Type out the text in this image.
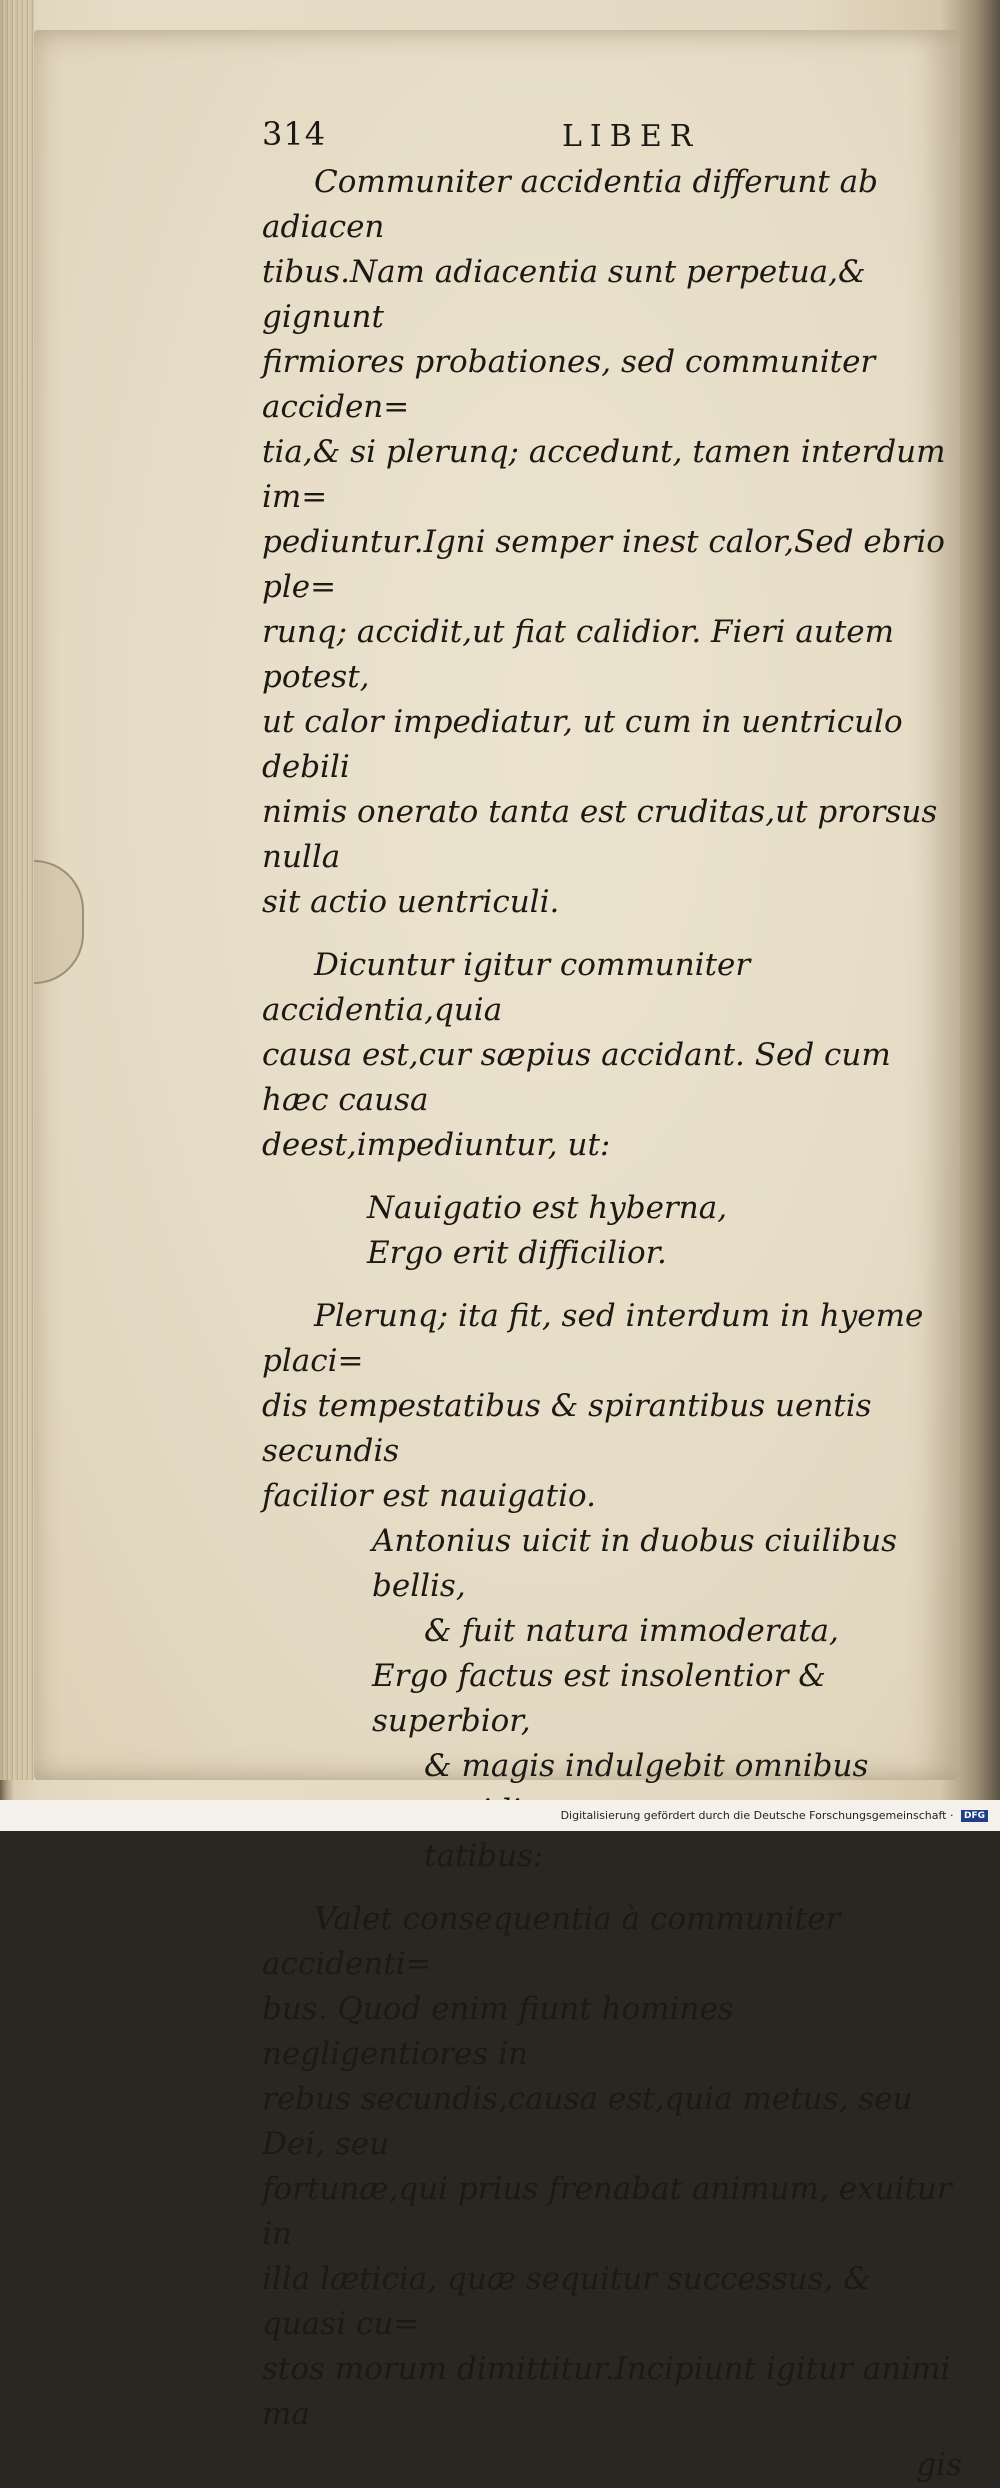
314	LIBER

Communiter accidentia differunt ab adiacen

tibus.Nam adiacentia sunt perpetua,& gignunt

firmiores probationes, sed communiter acciden=

tia,& si plerunq; accedunt, tamen interdum im=

pediuntur.Igni semper inest calor,Sed ebrio ple=

runq; accidit,ut fiat calidior. Fieri autem potest,

ut calor impediatur, ut cum in uentriculo debili

nimis onerato tanta est cruditas,ut prorsus nulla

sit actio uentriculi.

Dicuntur igitur communiter accidentia,quia

causa est,cur sæpius accidant. Sed cum hæc causa

deest,impediuntur, ut:

Nauigatio est hyberna,

Ergo erit difficilior.

Plerunq; ita fit, sed interdum in hyeme placi=

dis tempestatibus & spirantibus uentis secundis

facilior est nauigatio.

Antonius uicit in duobus ciuilibus bellis,

& fuit natura immoderata,

Ergo factus est insolentior & superbior,

& magis indulgebit omnibus

tatibus:

Valet consequentia à communiter accidenti=

bus. Quod enim fiunt homines negligentiores in

rebus secundis,causa est,quia metus, seu Dei, seu

fortunæ,qui prius frenabat animum, exuitur in

illa læticia, quæ sequitur successus, & quasi cu=

stos morum dimittitur.Incipiunt igitur animi ma

gis

Digitalisierung gefördert durch die Deutsche Forschungsgemeinschaft · DFG
